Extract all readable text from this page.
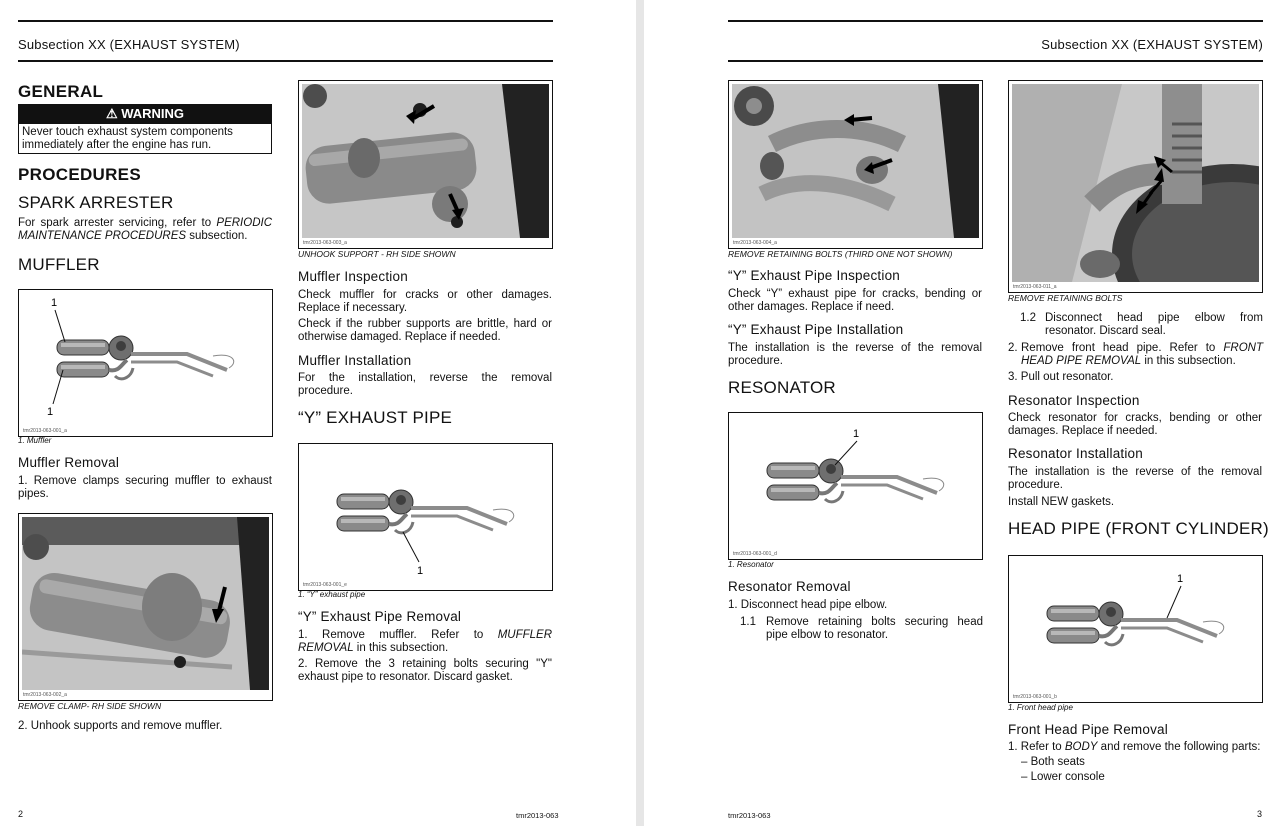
Subsection XX (EXHAUST SYSTEM)
GENERAL
⚠ WARNING
Never touch exhaust system components immediately after the engine has run.
PROCEDURES
SPARK ARRESTER
For spark arrester servicing, refer to PERIODIC MAINTENANCE PROCEDURES subsection.
MUFFLER
1
1
tmr2013-063-001_a
1. Muffler
Muffler Removal
1. Remove clamps securing muffler to exhaust pipes.
tmr2013-063-002_a
REMOVE CLAMP- RH SIDE SHOWN
2. Unhook supports and remove muffler.
tmr2013-063-003_a
UNHOOK SUPPORT - RH SIDE SHOWN
Muffler Inspection
Check muffler for cracks or other damages. Replace if necessary.
Check if the rubber supports are brittle, hard or otherwise damaged. Replace if needed.
Muffler Installation
For the installation, reverse the removal procedure.
“Y” EXHAUST PIPE
1
tmr2013-063-001_e
1. “Y” exhaust pipe
“Y” Exhaust Pipe Removal
1. Remove muffler. Refer to MUFFLER REMOVAL in this subsection.
2. Remove the 3 retaining bolts securing "Y" exhaust pipe to resonator. Discard gasket.
2	tmr2013-063
Subsection XX (EXHAUST SYSTEM)
tmr2013-063-004_a
REMOVE RETAINING BOLTS (THIRD ONE NOT SHOWN)
“Y” Exhaust Pipe Inspection
Check “Y” exhaust pipe for cracks, bending or other damages. Replace if need.
“Y” Exhaust Pipe Installation
The installation is the reverse of the removal procedure.
RESONATOR
1
tmr2013-063-001_d
1. Resonator
Resonator Removal
1. Disconnect head pipe elbow.
1.1 Remove retaining bolts securing head pipe elbow to resonator.
tmr2013-063-011_a
REMOVE RETAINING BOLTS
1.2 Disconnect head pipe elbow from resonator. Discard seal.
2. Remove front head pipe. Refer to FRONT HEAD PIPE REMOVAL in this subsection.
3. Pull out resonator.
Resonator Inspection
Check resonator for cracks, bending or other damages. Replace if needed.
Resonator Installation
The installation is the reverse of the removal procedure.
Install NEW gaskets.
HEAD PIPE (FRONT CYLINDER)
1
tmr2013-063-001_b
1. Front head pipe
Front Head Pipe Removal
1. Refer to BODY and remove the following parts:
– Both seats
– Lower console
tmr2013-063	3
